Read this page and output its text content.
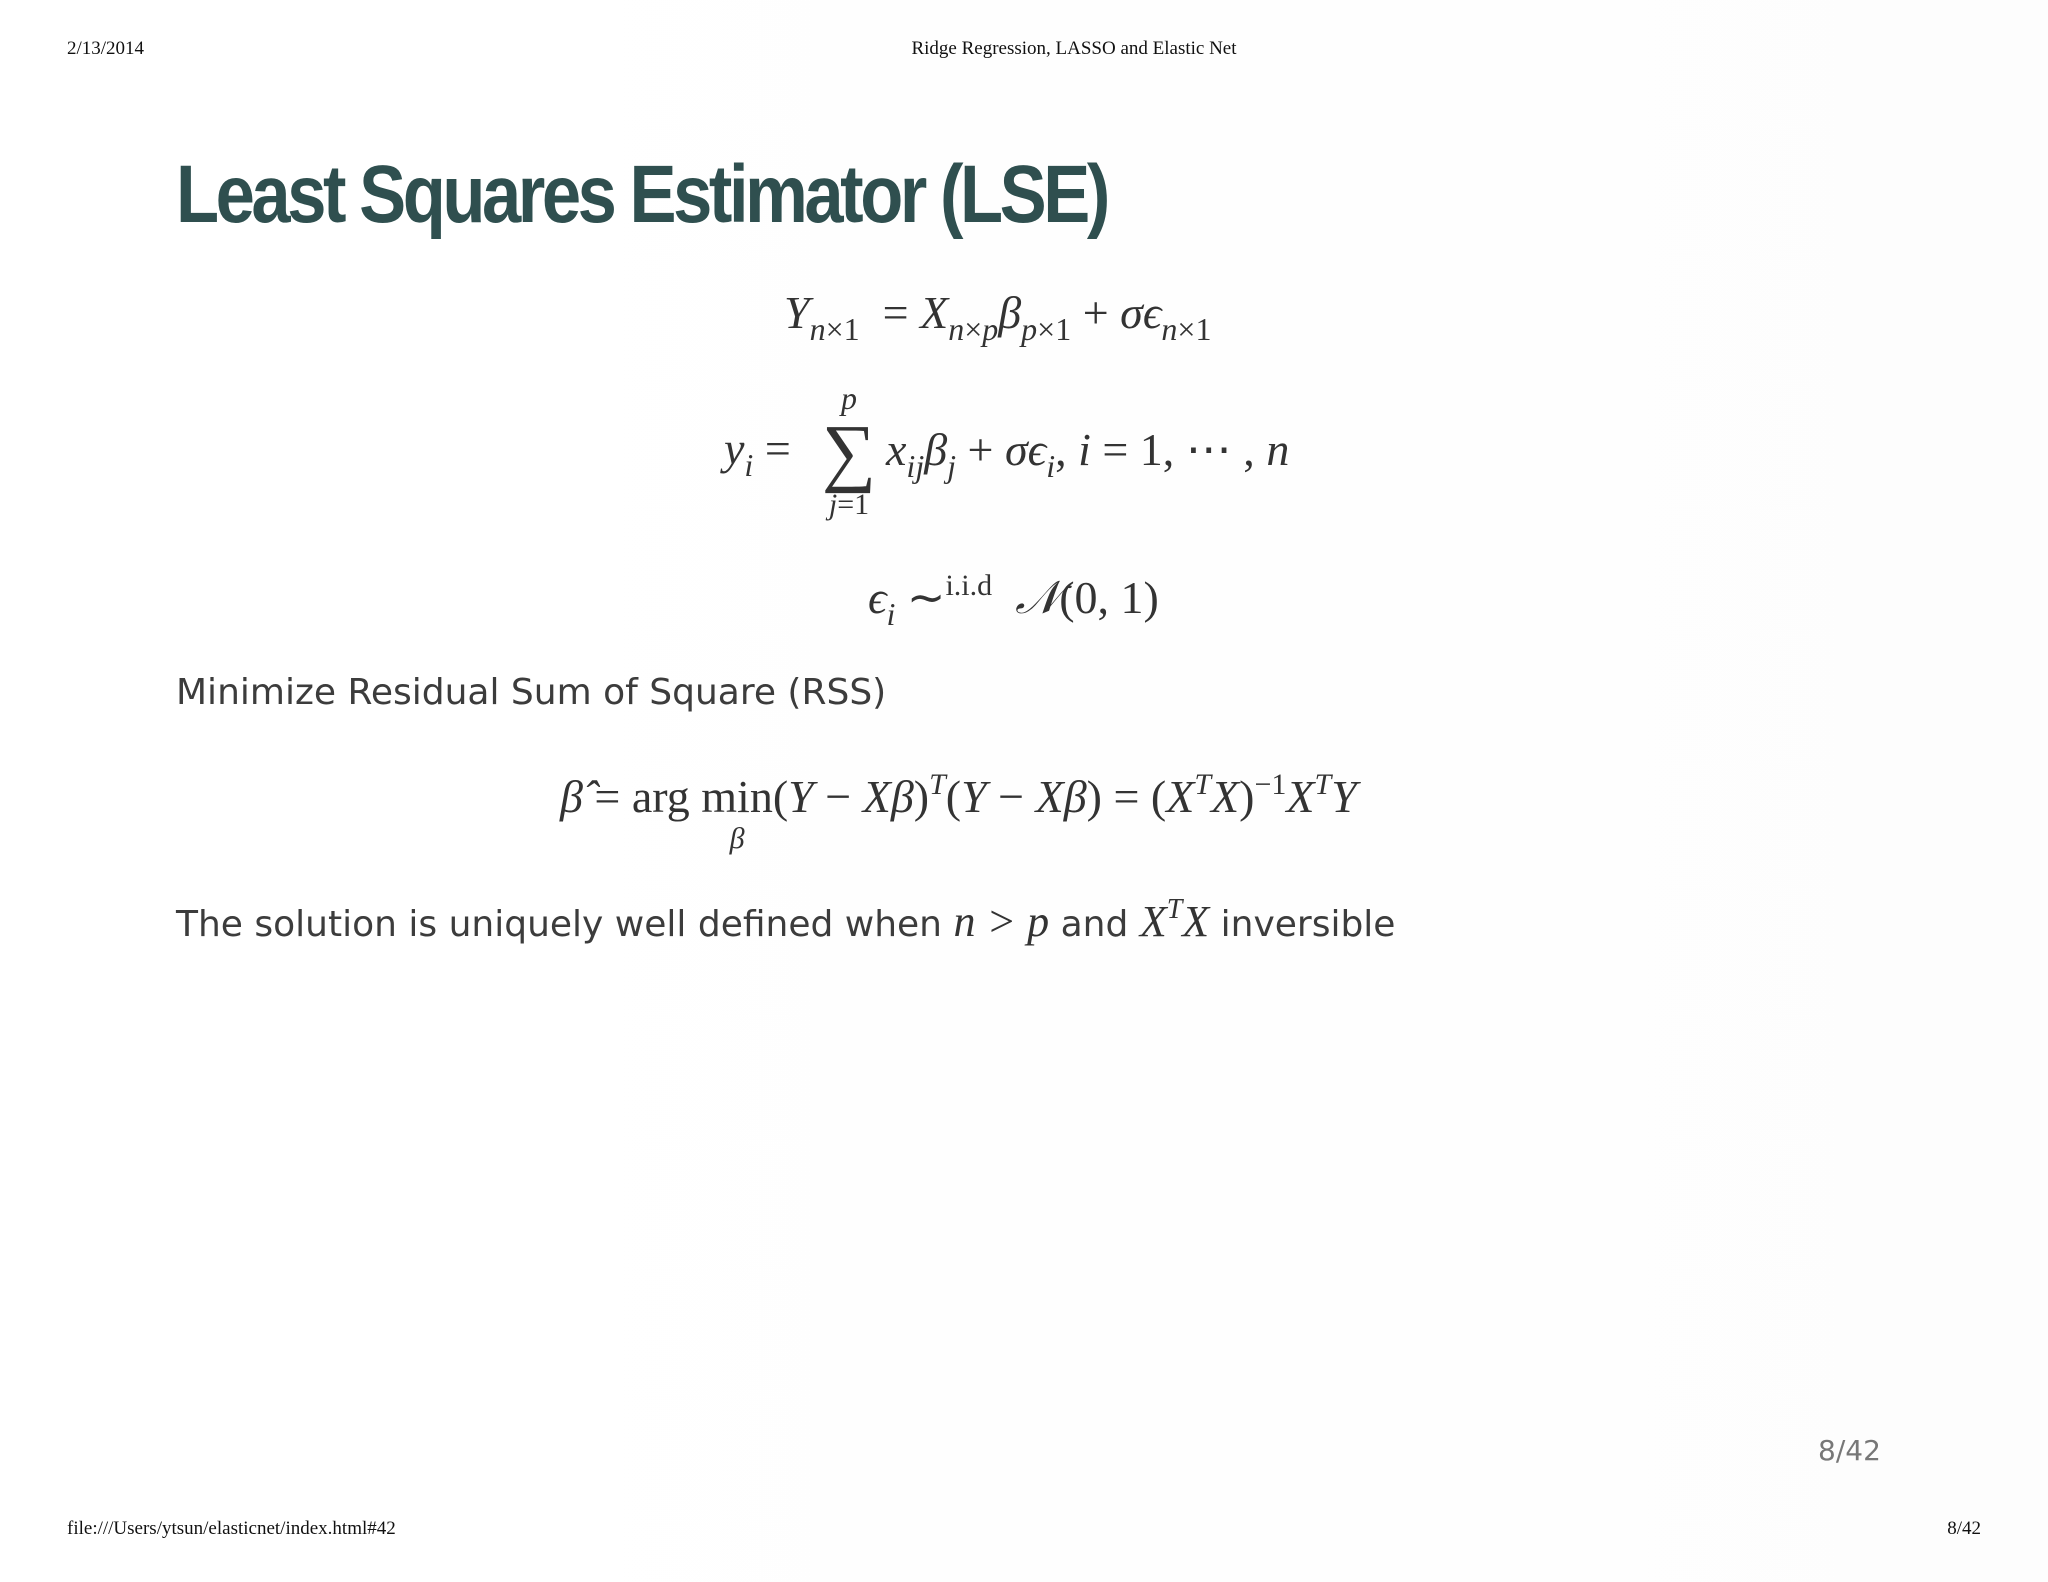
2/13/2014	Ridge Regression, LASSO and Elastic Net
Least Squares Estimator (LSE)
$Y_{n\times 1} = X_{n\times p}\beta_{p\times 1} + \sigma\epsilon_{n\times 1}$
$y_i$ =
p
∑
j=1
$x_{ij}\beta_j + \sigma\epsilon_i$, i = 1, ⋯ , n
$\epsilon_i$ ∼$^{i.i.d}$ 𝒩(0, 1)
Minimize Residual Sum of Square (RSS)
β̂ = arg min
β
$(Y - X\beta)^T(Y - X\beta) = (X^TX)^{-1}X^TY$
The solution is uniquely well defined when n > p and $X^TX$ inversible
8/42
file:///Users/ytsun/elasticnet/index.html#42	8/42
